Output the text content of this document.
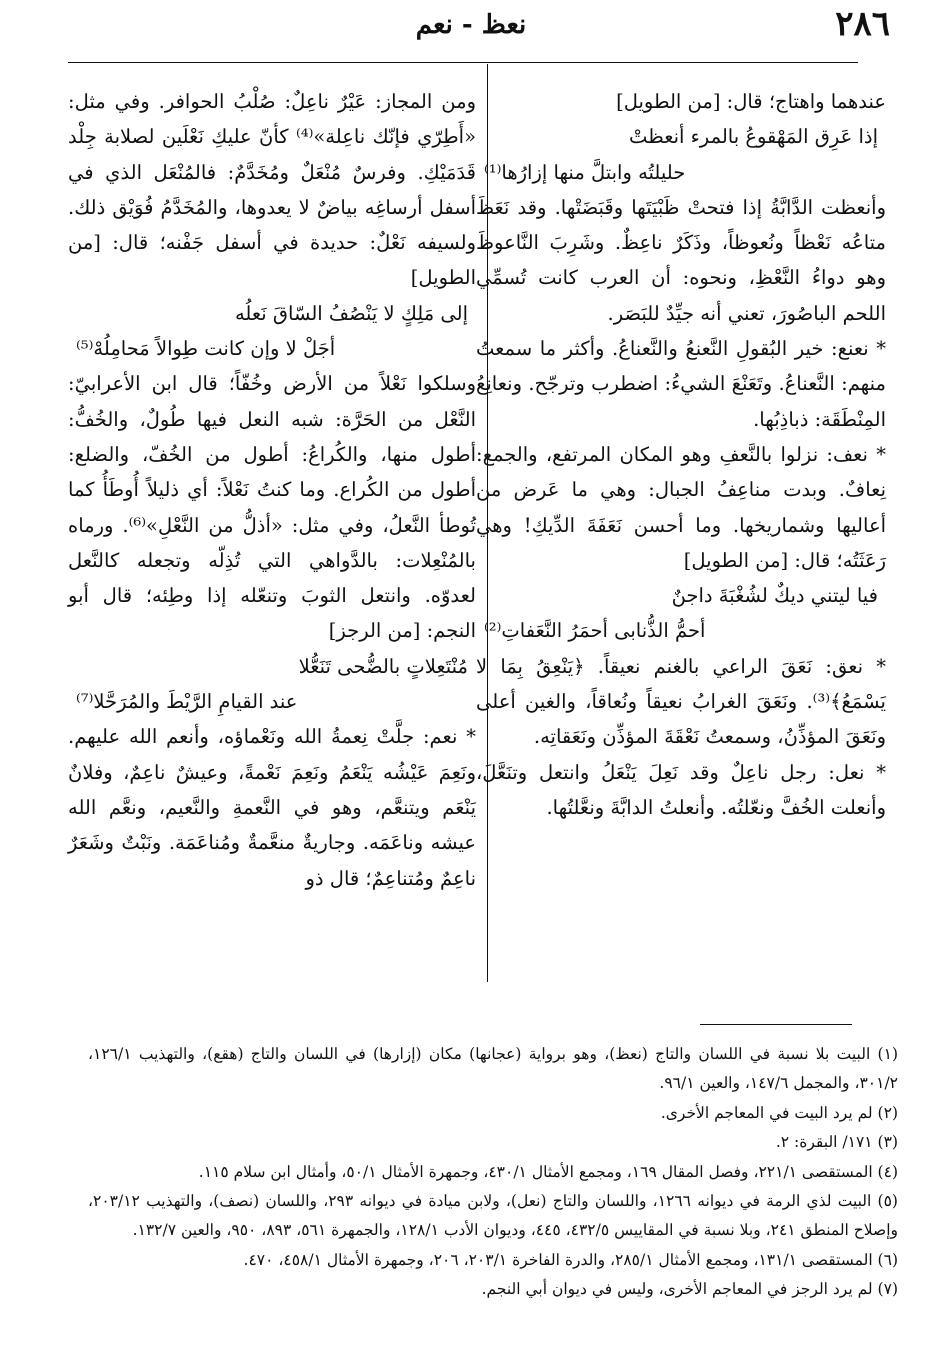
٢٨٦
نعظ - نعم

عندهما واهتاج؛ قال: [من الطويل]

إذا عَرِق المَهْقوعُ بالمرء أنعظتْ
حليلتُه وابتلَّ منها إزارُها⁽¹⁾

وأنعظت الدَّابَّةُ إذا فتحتْ ظَبْيَتَها وقَبَضَتْها. وقد نَعَظَ متاعُه نَعْظاً ونُعوظاً، وذَكَرٌ ناعِظٌ. وشَرِبَ النَّاعوظَ وهو دواءُ النَّعْظِ، ونحوه: أن العرب كانت تُسمِّي اللحم الباصُورَ، تعني أنه جيِّدٌ للبَصَر.

* نعنع: خير البُقولِ النَّعنعُ والنَّعناعُ. وأكثر ما سمعتُ منهم: النَّعناعُ. وتَعَنْعَ الشيءُ: اضطرب وترجّح. ونعانِعُ المِنْطَقَة: ذباذِبُها.

* نعف: نزلوا بالنَّعفِ وهو المكان المرتفع، والجمع: نِعافٌ. وبدت مناعِفُ الجبال: وهي ما عَرض من أعاليها وشماريخها. وما أحسن نَعَفَةَ الدِّيكِ! وهي رَعَثَتُه؛ قال: [من الطويل]

فيا ليتني ديكٌ لشُغْبَةَ داجنٌ
أحمُّ الذُّنابى أحمَرُ النَّعَفاتِ⁽²⁾

* نعق: نَعَقَ الراعي بالغنم نعيقاً. ﴿يَنْعِقُ بِمَا لا يَسْمَعُ﴾⁽³⁾. ونَعَقَ الغرابُ نعيقاً ونُعاقاً، والغين أعلى ونَعَقَ المؤذِّنُ، وسمعتُ نَعْقَةَ المؤذِّن ونَعَقاتِه.

* نعل: رجل ناعِلٌ وقد نَعِلَ يَنْعَلُ وانتعل وتنَعَّلَ، وأنعلت الخُفَّ ونعّلتُه. وأنعلتُ الدابَّةَ ونعَّلتُها.

ومن المجاز: عَيْرٌ ناعِلٌ: صُلْبُ الحوافر. وفي مثل: «أَطِرّي فإنّك ناعِلة»⁽⁴⁾ كأنّ عليكِ نَعْلَين لصلابة جِلْد قَدَمَيْكِ. وفرسٌ مُنْعَلٌ ومُخَدَّمٌ: فالمُنْعَل الذي في أسفل أرساغِه بياضٌ لا يعدوها، والمُخَدَّمُ فُوَيْق ذلك. ولسيفه نَعْلٌ: حديدة في أسفل جَفْنه؛ قال: [من الطويل]

إلى مَلِكٍ لا يَنْصُفُ السّاقَ نَعلُه
أجَلْ لا وإن كانت طِوالاً مَحامِلُهْ⁽⁵⁾

وسلكوا نَعْلاً من الأرض وخُفّاً؛ قال ابن الأعرابيّ: النَّعْل من الحَرَّة: شبه النعل فيها طُولٌ، والخُفُّ: أطول منها، والكُراعُ: أطول من الخُفّ، والضلع: أطول من الكُراع. وما كنتُ نَعْلاً: أي ذليلاً أُوطَأُ كما تُوطأ النَّعلُ، وفي مثل: «أذلُّ من النَّعْلِ»⁽⁶⁾. ورماه بالمُنْعِلات: بالدَّواهي التي تُذِلّه وتجعله كالنَّعل لعدوّه. وانتعل الثوبَ وتنعّله إذا وطِئه؛ قال أبو النجم: [من الرجز]

مُنْتَعِلاتٍ بالضُّحى تَنَعُّلا
عند القيامِ الرَّيْطَ والمُرَحَّلا⁽⁷⁾

* نعم: جلَّتْ نِعمةُ الله ونَعْماؤه، وأنعم الله عليهم. ونَعِمَ عَيْشُه يَنْعَمُ ونَعِمَ نَعْمةً، وعيشٌ ناعِمٌ، وفلانٌ يَنْعَم ويتنعَّم، وهو في النَّعمةِ والنَّعيم، ونعَّم الله عيشه وناعَمَه. وجاريةٌ منعَّمةٌ ومُناعَمَة. ونَبْتٌ وشَعَرٌ ناعِمٌ ومُتناعِمٌ؛ قال ذو

(١) البيت بلا نسبة في اللسان والتاج (نعظ)، وهو برواية (عجانها) مكان (إزارها) في اللسان والتاج (هقع)، والتهذيب ١٢٦/١، ٣٠١/٢، والمجمل ١٤٧/٦، والعين ٩٦/١.

(٢) لم يرد البيت في المعاجم الأخرى.

(٣) ١٧١/ البقرة: ٢.

(٤) المستقصى ٢٢١/١، وفصل المقال ١٦٩، ومجمع الأمثال ٤٣٠/١، وجمهرة الأمثال ٥٠/١، وأمثال ابن سلام ١١٥.

(٥) البيت لذي الرمة في ديوانه ١٢٦٦، واللسان والتاج (نعل)، ولابن ميادة في ديوانه ٢٩٣، واللسان (نصف)، والتهذيب ٢٠٣/١٢، وإصلاح المنطق ٢٤١، وبلا نسبة في المقاييس ٤٣٢/٥، ٤٤٥، وديوان الأدب ١٢٨/١، والجمهرة ٥٦١، ٨٩٣، ٩٥٠، والعين ١٣٢/٧.

(٦) المستقصى ١٣١/١، ومجمع الأمثال ٢٨٥/١، والدرة الفاخرة ٢٠٣/١، ٢٠٦، وجمهرة الأمثال ٤٥٨/١، ٤٧٠.

(٧) لم يرد الرجز في المعاجم الأخرى، وليس في ديوان أبي النجم.
